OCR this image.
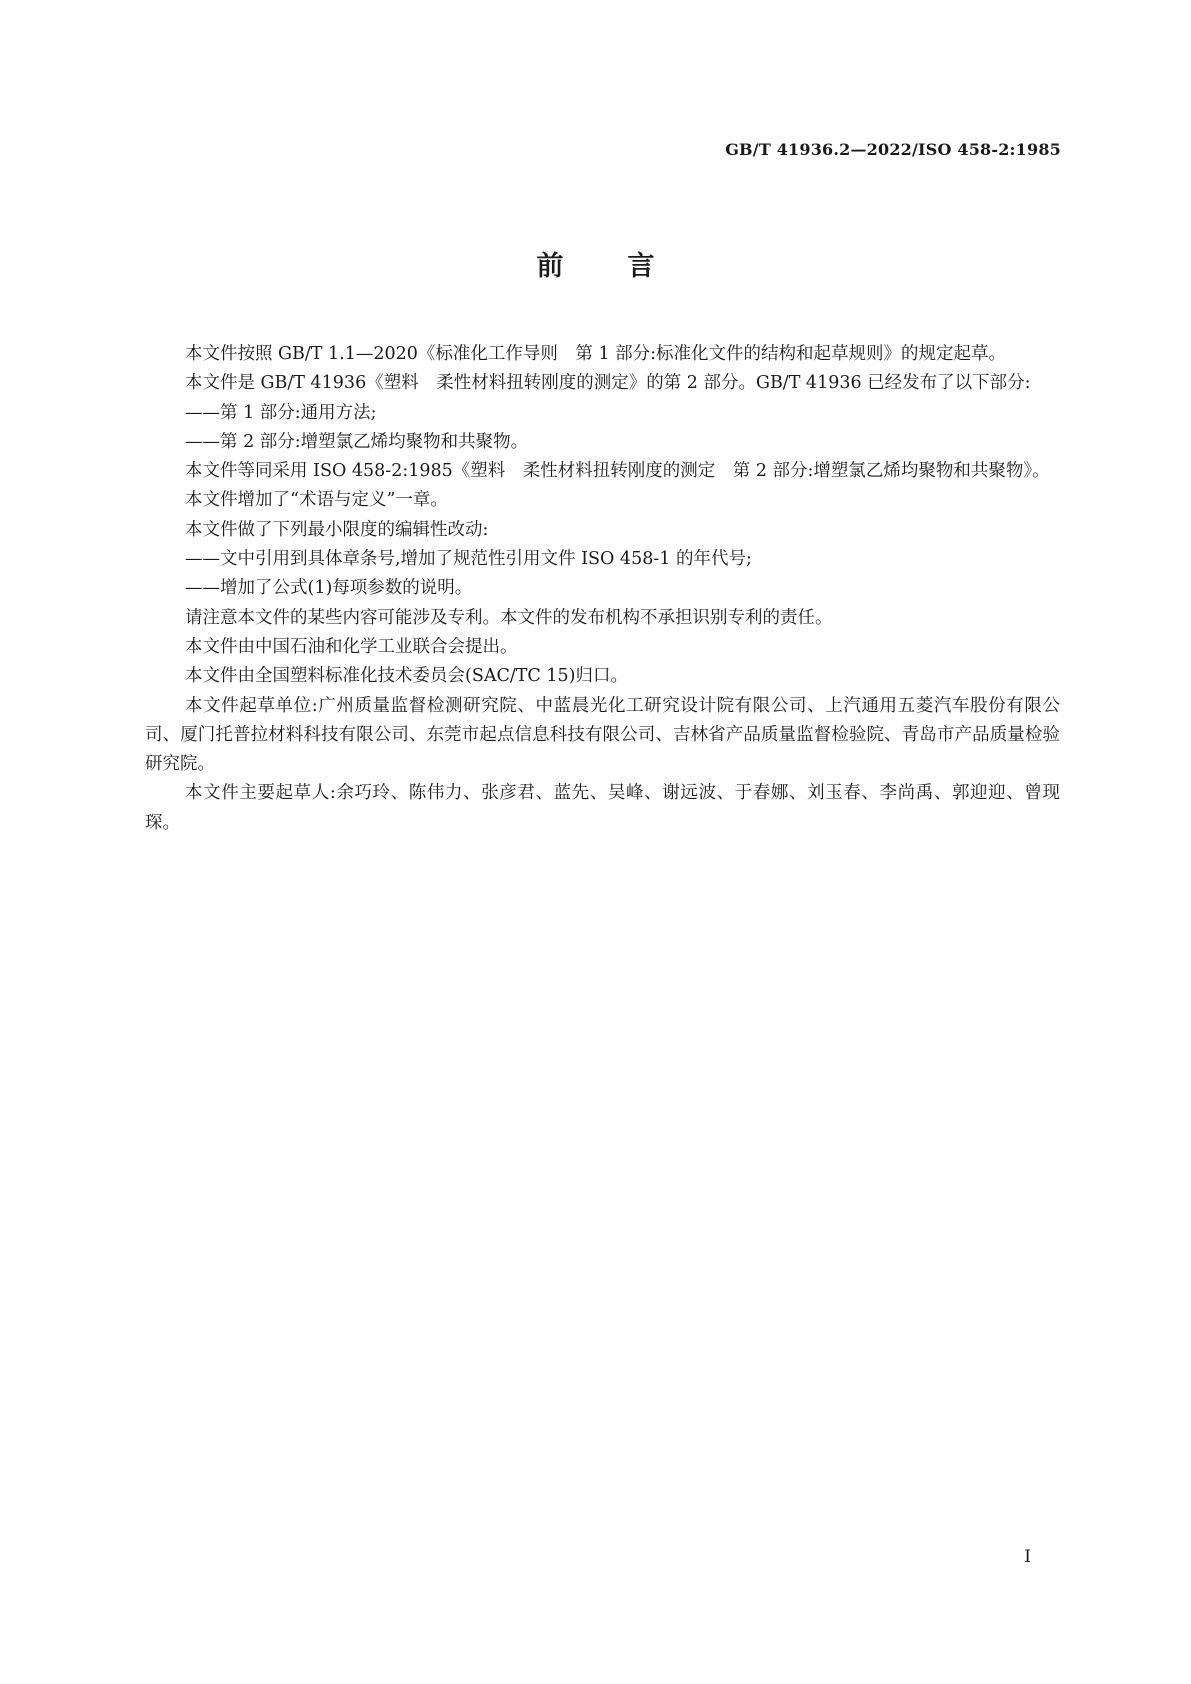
GB/T 41936.2—2022/ISO 458-2:1985
前 言

本文件按照 GB/T 1.1—2020《标准化工作导则　第 1 部分:标准化文件的结构和起草规则》的规定起草。

本文件是 GB/T 41936《塑料　柔性材料扭转刚度的测定》的第 2 部分。GB/T 41936 已经发布了以下部分:

——第 1 部分:通用方法;

——第 2 部分:增塑氯乙烯均聚物和共聚物。

本文件等同采用 ISO 458-2:1985《塑料　柔性材料扭转刚度的测定　第 2 部分:增塑氯乙烯均聚物和共聚物》。

本文件增加了“术语与定义”一章。

本文件做了下列最小限度的编辑性改动:

——文中引用到具体章条号,增加了规范性引用文件 ISO 458-1 的年代号;

——增加了公式(1)每项参数的说明。

请注意本文件的某些内容可能涉及专利。本文件的发布机构不承担识别专利的责任。

本文件由中国石油和化学工业联合会提出。

本文件由全国塑料标准化技术委员会(SAC/TC 15)归口。

本文件起草单位:广州质量监督检测研究院、中蓝晨光化工研究设计院有限公司、上汽通用五菱汽车股份有限公司、厦门托普拉材料科技有限公司、东莞市起点信息科技有限公司、吉林省产品质量监督检验院、青岛市产品质量检验研究院。

本文件主要起草人:余巧玲、陈伟力、张彦君、蓝先、吴峰、谢远波、于春娜、刘玉春、李尚禹、郭迎迎、曾现琛。

I
